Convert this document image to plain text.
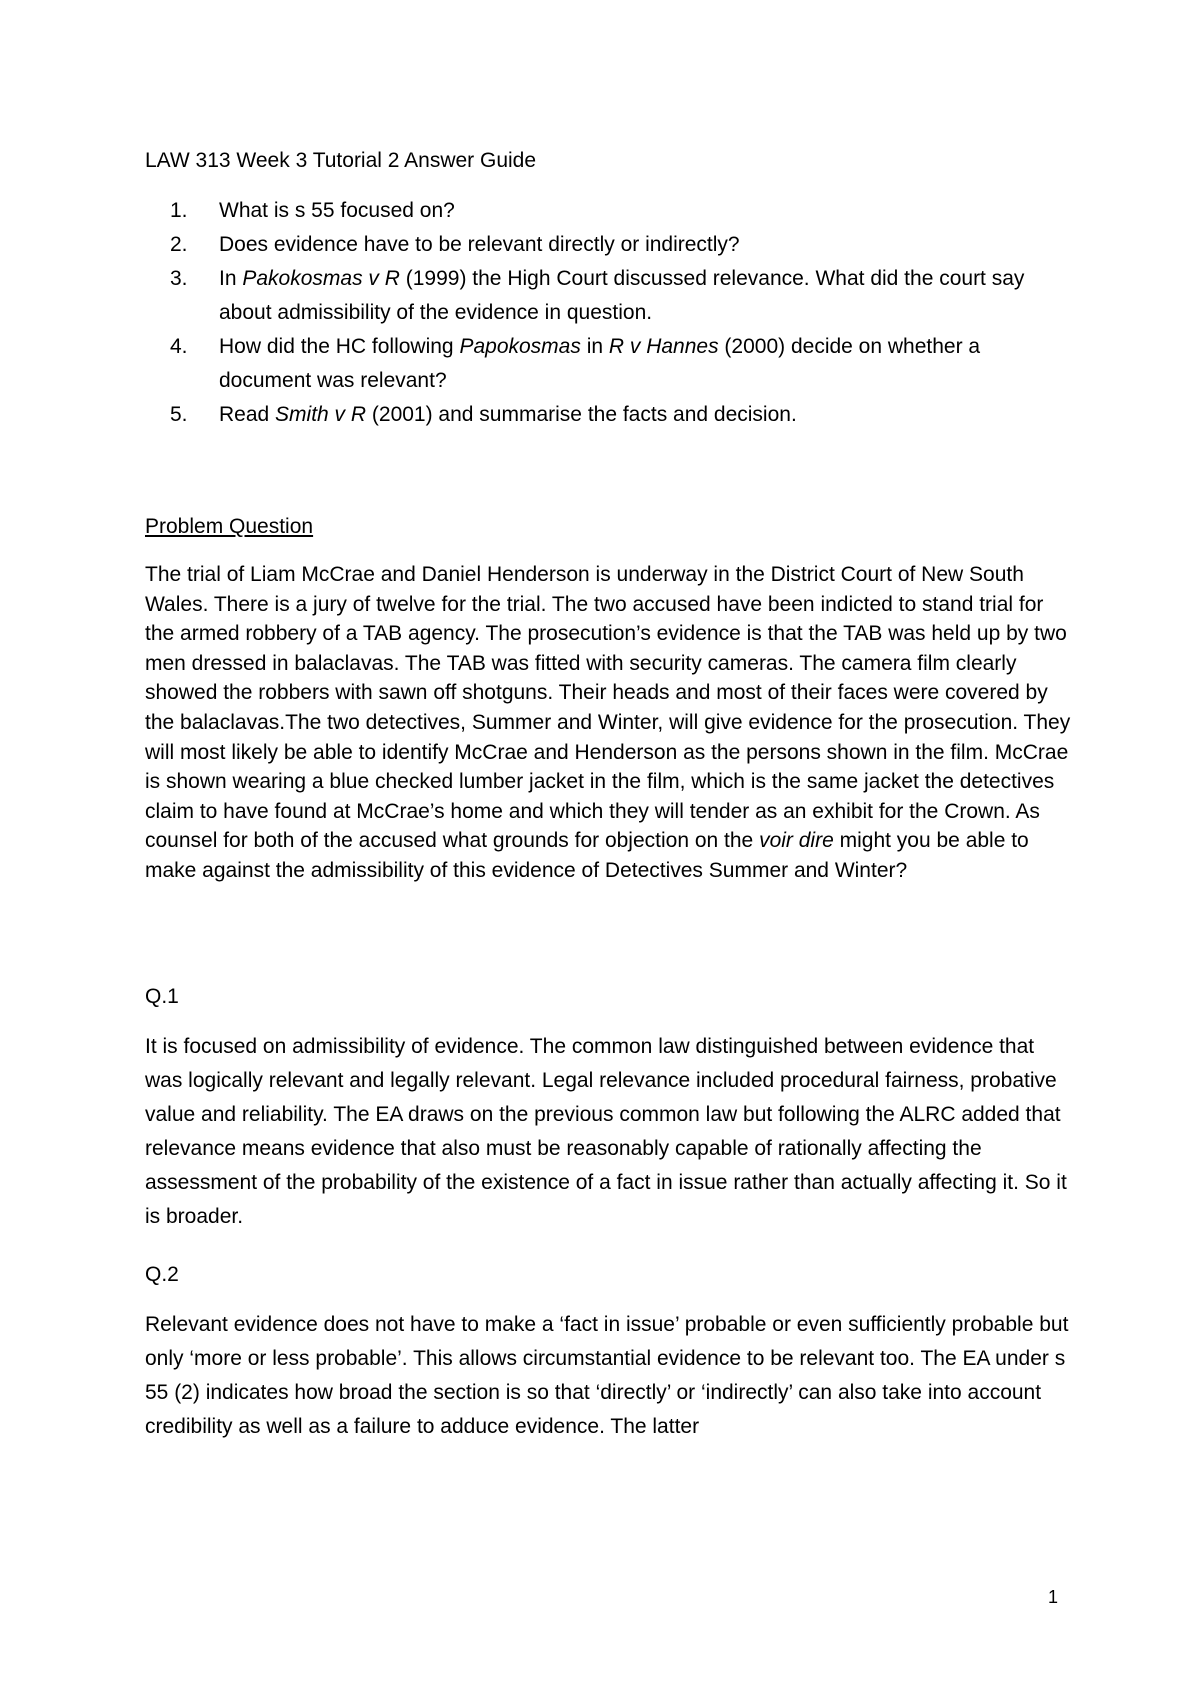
LAW 313 Week 3 Tutorial 2 Answer Guide
1. What is s 55 focused on?
2. Does evidence have to be relevant directly or indirectly?
3. In Pakokosmas v R (1999) the High Court discussed relevance. What did the court say about admissibility of the evidence in question.
4. How did the HC following Papokosmas in R v Hannes (2000) decide on whether a document was relevant?
5. Read Smith v R (2001) and summarise the facts and decision.
Problem Question

The trial of Liam McCrae and Daniel Henderson is underway in the District Court of New South Wales. There is a jury of twelve for the trial. The two accused have been indicted to stand trial for the armed robbery of a TAB agency. The prosecution’s evidence is that the TAB was held up by two men dressed in balaclavas. The TAB was fitted with security cameras. The camera film clearly showed the robbers with sawn off shotguns. Their heads and most of their faces were covered by the balaclavas.The two detectives, Summer and Winter, will give evidence for the prosecution. They will most likely be able to identify McCrae and Henderson as the persons shown in the film. McCrae is shown wearing a blue checked lumber jacket in the film, which is the same jacket the detectives claim to have found at McCrae’s home and which they will tender as an exhibit for the Crown. As counsel for both of the accused what grounds for objection on the voir dire might you be able to make against the admissibility of this evidence of Detectives Summer and Winter?

Q.1

It is focused on admissibility of evidence. The common law distinguished between evidence that was logically relevant and legally relevant. Legal relevance included procedural fairness, probative value and reliability. The EA draws on the previous common law but following the ALRC added that relevance means evidence that also must be reasonably capable of rationally affecting the assessment of the probability of the existence of a fact in issue rather than actually affecting it. So it is broader.

Q.2

Relevant evidence does not have to make a ‘fact in issue’ probable or even sufficiently probable but only ‘more or less probable’. This allows circumstantial evidence to be relevant too. The EA under s 55 (2) indicates how broad the section is so that ‘directly’ or ‘indirectly’ can also take into account credibility as well as a failure to adduce evidence. The latter

1
